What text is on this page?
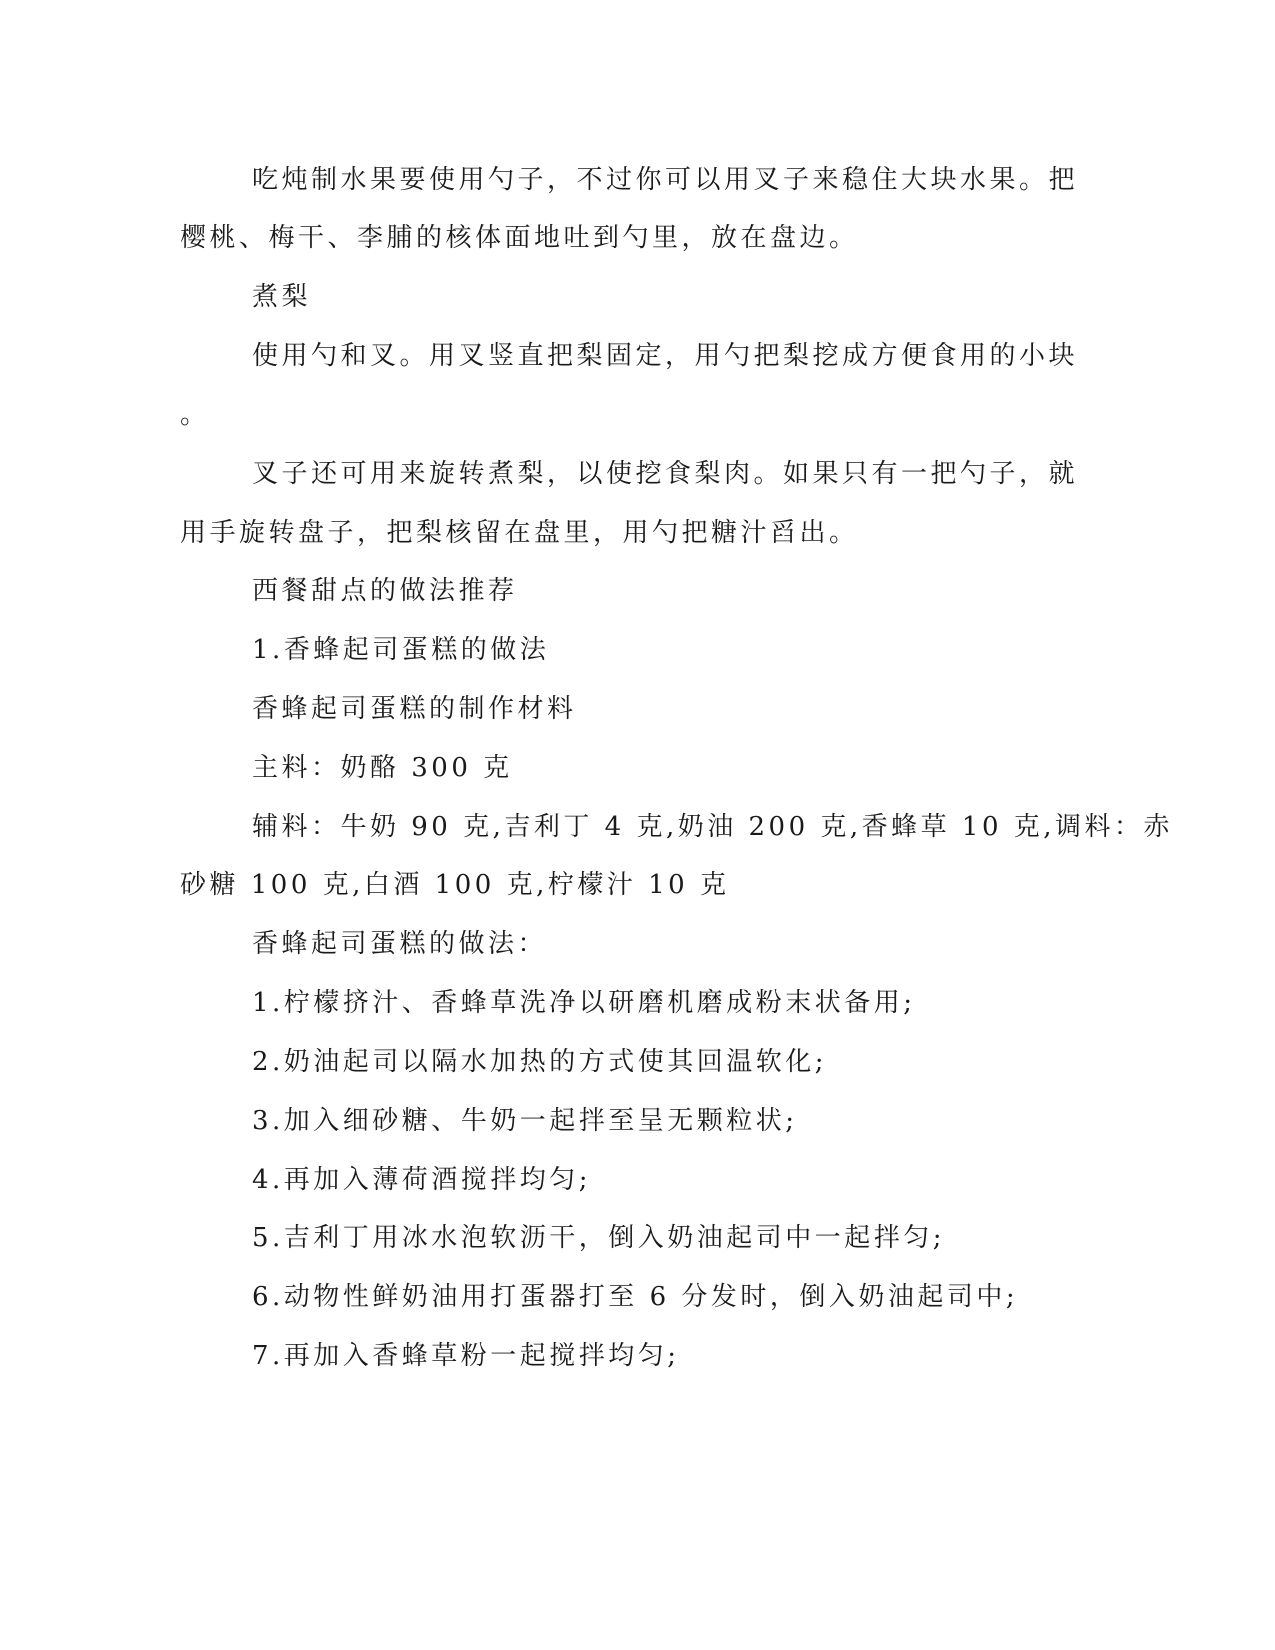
吃炖制水果要使用勺子，不过你可以用叉子来稳住大块水果。把
樱桃、梅干、李脯的核体面地吐到勺里，放在盘边。
煮梨
使用勺和叉。用叉竖直把梨固定，用勺把梨挖成方便食用的小块
。
叉子还可用来旋转煮梨，以使挖食梨肉。如果只有一把勺子，就
用手旋转盘子，把梨核留在盘里，用勺把糖汁舀出。
西餐甜点的做法推荐
1.香蜂起司蛋糕的做法
香蜂起司蛋糕的制作材料
主料：奶酪 300 克
辅料：牛奶 90 克,吉利丁 4 克,奶油 200 克,香蜂草 10 克,调料：赤
砂糖 100 克,白酒 100 克,柠檬汁 10 克
香蜂起司蛋糕的做法：
1.柠檬挤汁、香蜂草洗净以研磨机磨成粉末状备用;
2.奶油起司以隔水加热的方式使其回温软化;
3.加入细砂糖、牛奶一起拌至呈无颗粒状;
4.再加入薄荷酒搅拌均匀;
5.吉利丁用冰水泡软沥干，倒入奶油起司中一起拌匀;
6.动物性鲜奶油用打蛋器打至 6 分发时，倒入奶油起司中;
7.再加入香蜂草粉一起搅拌均匀;
